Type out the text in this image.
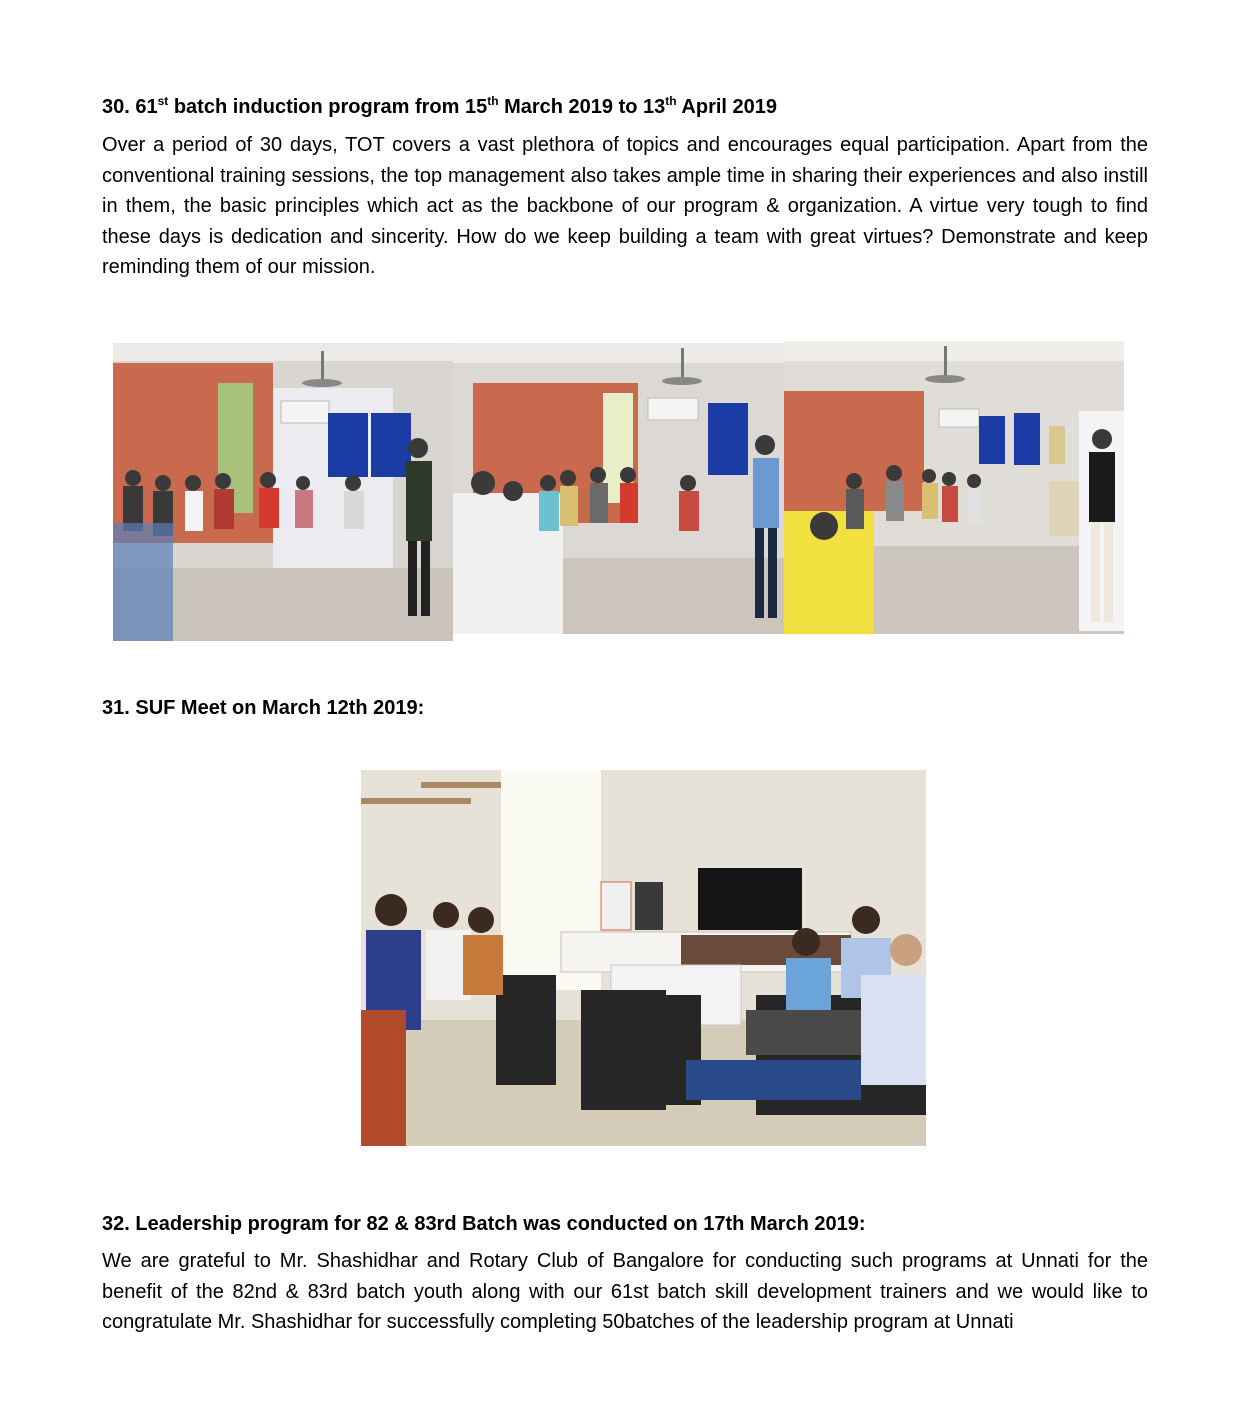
30. 61st batch induction program from 15th March 2019 to 13th April 2019
Over a period of 30 days, TOT covers a vast plethora of topics and encourages equal participation. Apart from the conventional training sessions, the top management also takes ample time in sharing their experiences and also instill in them, the basic principles which act as the backbone of our program & organization. A virtue very tough to find these days is dedication and sincerity. How do we keep building a team with great virtues? Demonstrate and keep reminding them of our mission.
31. SUF Meet on March 12th 2019:
32. Leadership program for 82 & 83rd Batch was conducted on 17th March 2019:
We are grateful to Mr. Shashidhar and Rotary Club of Bangalore for conducting such programs at Unnati for the benefit of the 82nd & 83rd batch youth along with our 61st batch skill development trainers and we would like to congratulate Mr. Shashidhar for successfully completing 50batches of the leadership program at Unnati
